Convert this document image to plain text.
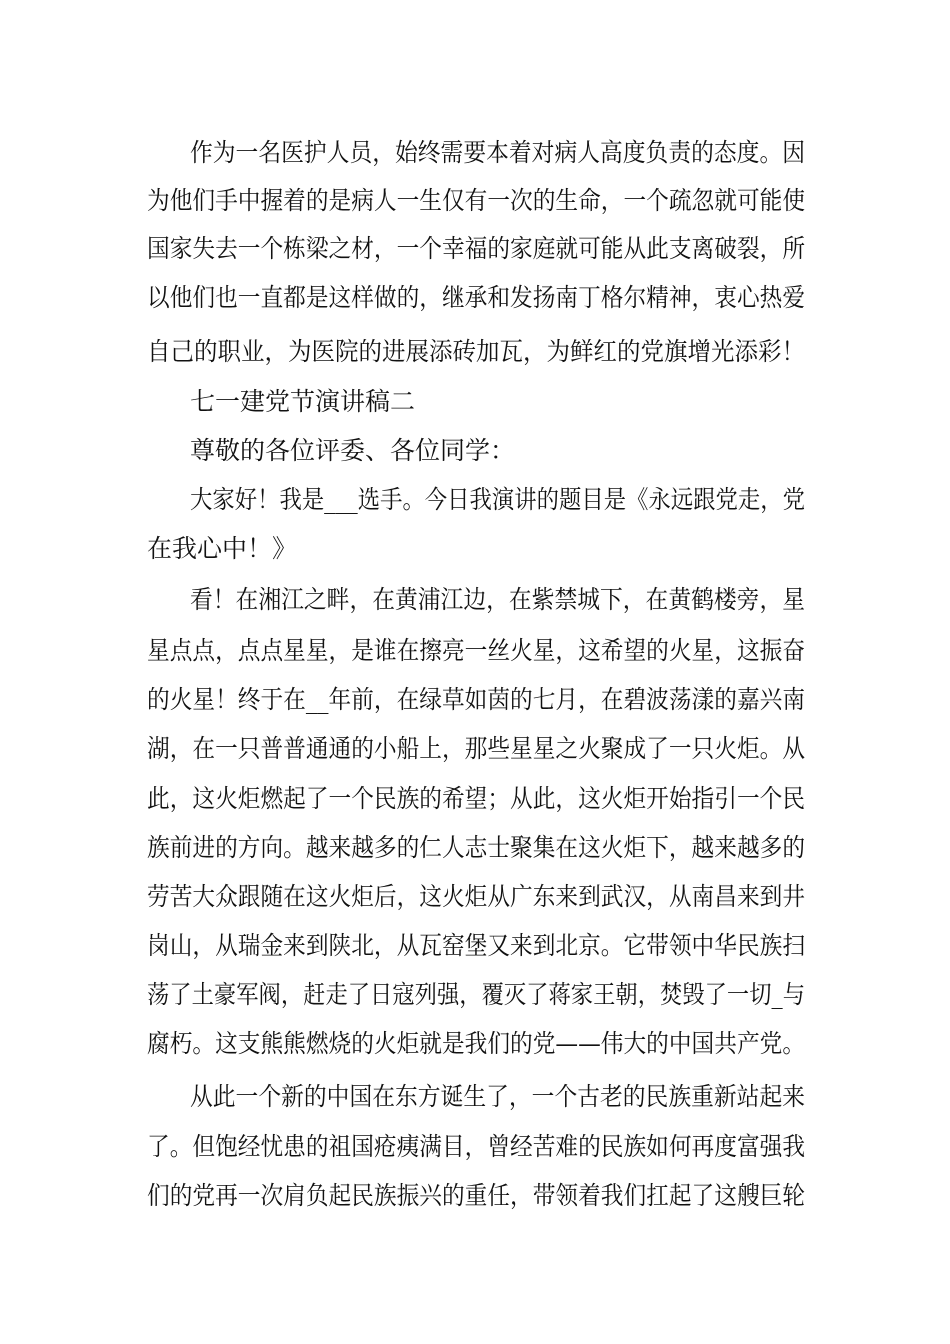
作为一名医护人员，始终需要本着对病人高度负责的态度。因
为他们手中握着的是病人一生仅有一次的生命，一个疏忽就可能使
国家失去一个栋梁之材，一个幸福的家庭就可能从此支离破裂，所
以他们也一直都是这样做的，继承和发扬南丁格尔精神，衷心热爱
自己的职业，为医院的进展添砖加瓦，为鲜红的党旗增光添彩！
七一建党节演讲稿二
尊敬的各位评委、各位同学：
大家好！我是___选手。今日我演讲的题目是《永远跟党走，党
在我心中！》
看！在湘江之畔，在黄浦江边，在紫禁城下，在黄鹤楼旁，星
星点点，点点星星，是谁在擦亮一丝火星，这希望的火星，这振奋
的火星！终于在__年前，在绿草如茵的七月，在碧波荡漾的嘉兴南
湖，在一只普普通通的小船上，那些星星之火聚成了一只火炬。从
此，这火炬燃起了一个民族的希望；从此，这火炬开始指引一个民
族前进的方向。越来越多的仁人志士聚集在这火炬下，越来越多的
劳苦大众跟随在这火炬后，这火炬从广东来到武汉，从南昌来到井
岗山，从瑞金来到陕北，从瓦窑堡又来到北京。它带领中华民族扫
荡了土豪军阀，赶走了日寇列强，覆灭了蒋家王朝，焚毁了一切_与
腐朽。这支熊熊燃烧的火炬就是我们的党——伟大的中国共产党。
从此一个新的中国在东方诞生了，一个古老的民族重新站起来
了。但饱经忧患的祖国疮痍满目，曾经苦难的民族如何再度富强我
们的党再一次肩负起民族振兴的重任，带领着我们扛起了这艘巨轮
